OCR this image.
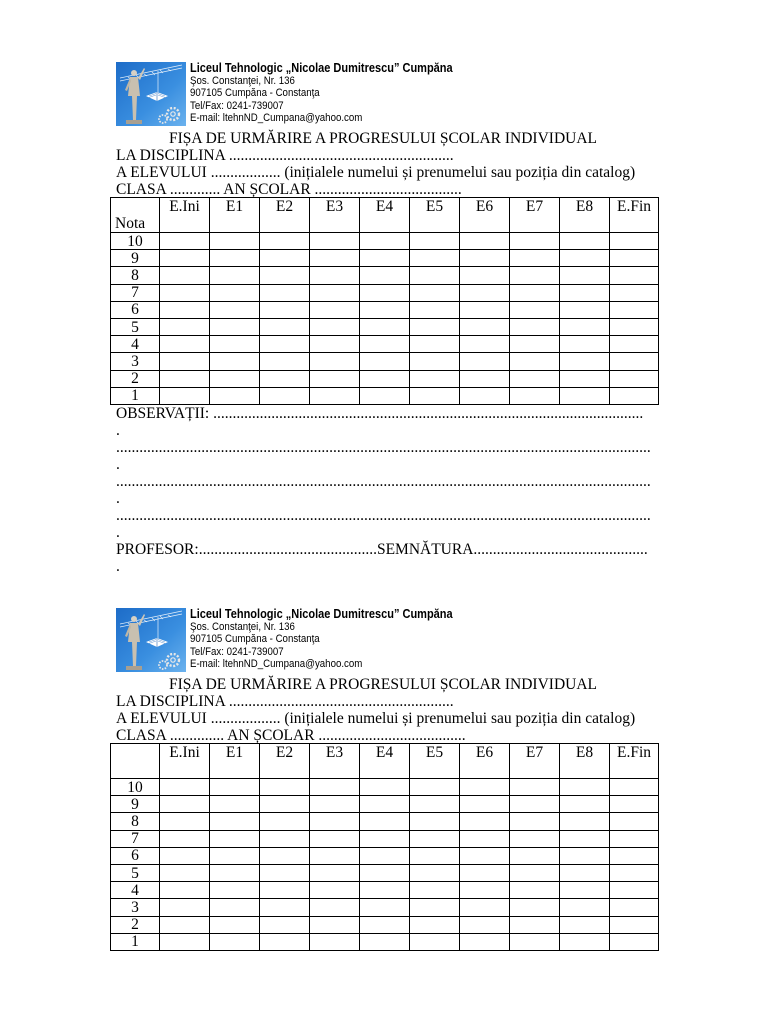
Liceul Tehnologic „Nicolae Dumitrescu” Cumpăna
Şos. Constanţei, Nr. 136
907105 Cumpăna - Constanţa
Tel/Fax: 0241-739007
E-mail: ltehnND_Cumpana@yahoo.com
FIȘA DE URMĂRIRE A PROGRESULUI ȘCOLAR INDIVIDUAL
LA DISCIPLINA ..........................................................
A ELEVULUI .................. (inițialele numelui și prenumelui sau poziția din catalog)
CLASA ............. AN ȘCOLAR ......................................
Nota	E.Ini	E1	E2	E3	E4	E5	E6	E7	E8	E.Fin
10										
9										
8										
7										
6										
5										
4										
3										
2										
1										
OBSERVAȚII: ...............................................................................................................
.
..........................................................................................................................................
.
..........................................................................................................................................
.
..........................................................................................................................................
.
PROFESOR:..............................................SEMNĂTURA.............................................
.
Liceul Tehnologic „Nicolae Dumitrescu” Cumpăna
Şos. Constanţei, Nr. 136
907105 Cumpăna - Constanţa
Tel/Fax: 0241-739007
E-mail: ltehnND_Cumpana@yahoo.com
FIȘA DE URMĂRIRE A PROGRESULUI ȘCOLAR INDIVIDUAL
LA DISCIPLINA ..........................................................
A ELEVULUI .................. (inițialele numelui și prenumelui sau poziția din catalog)
CLASA .............. AN ȘCOLAR ......................................
	E.Ini	E1	E2	E3	E4	E5	E6	E7	E8	E.Fin
10										
9										
8										
7										
6										
5										
4										
3										
2										
1										
